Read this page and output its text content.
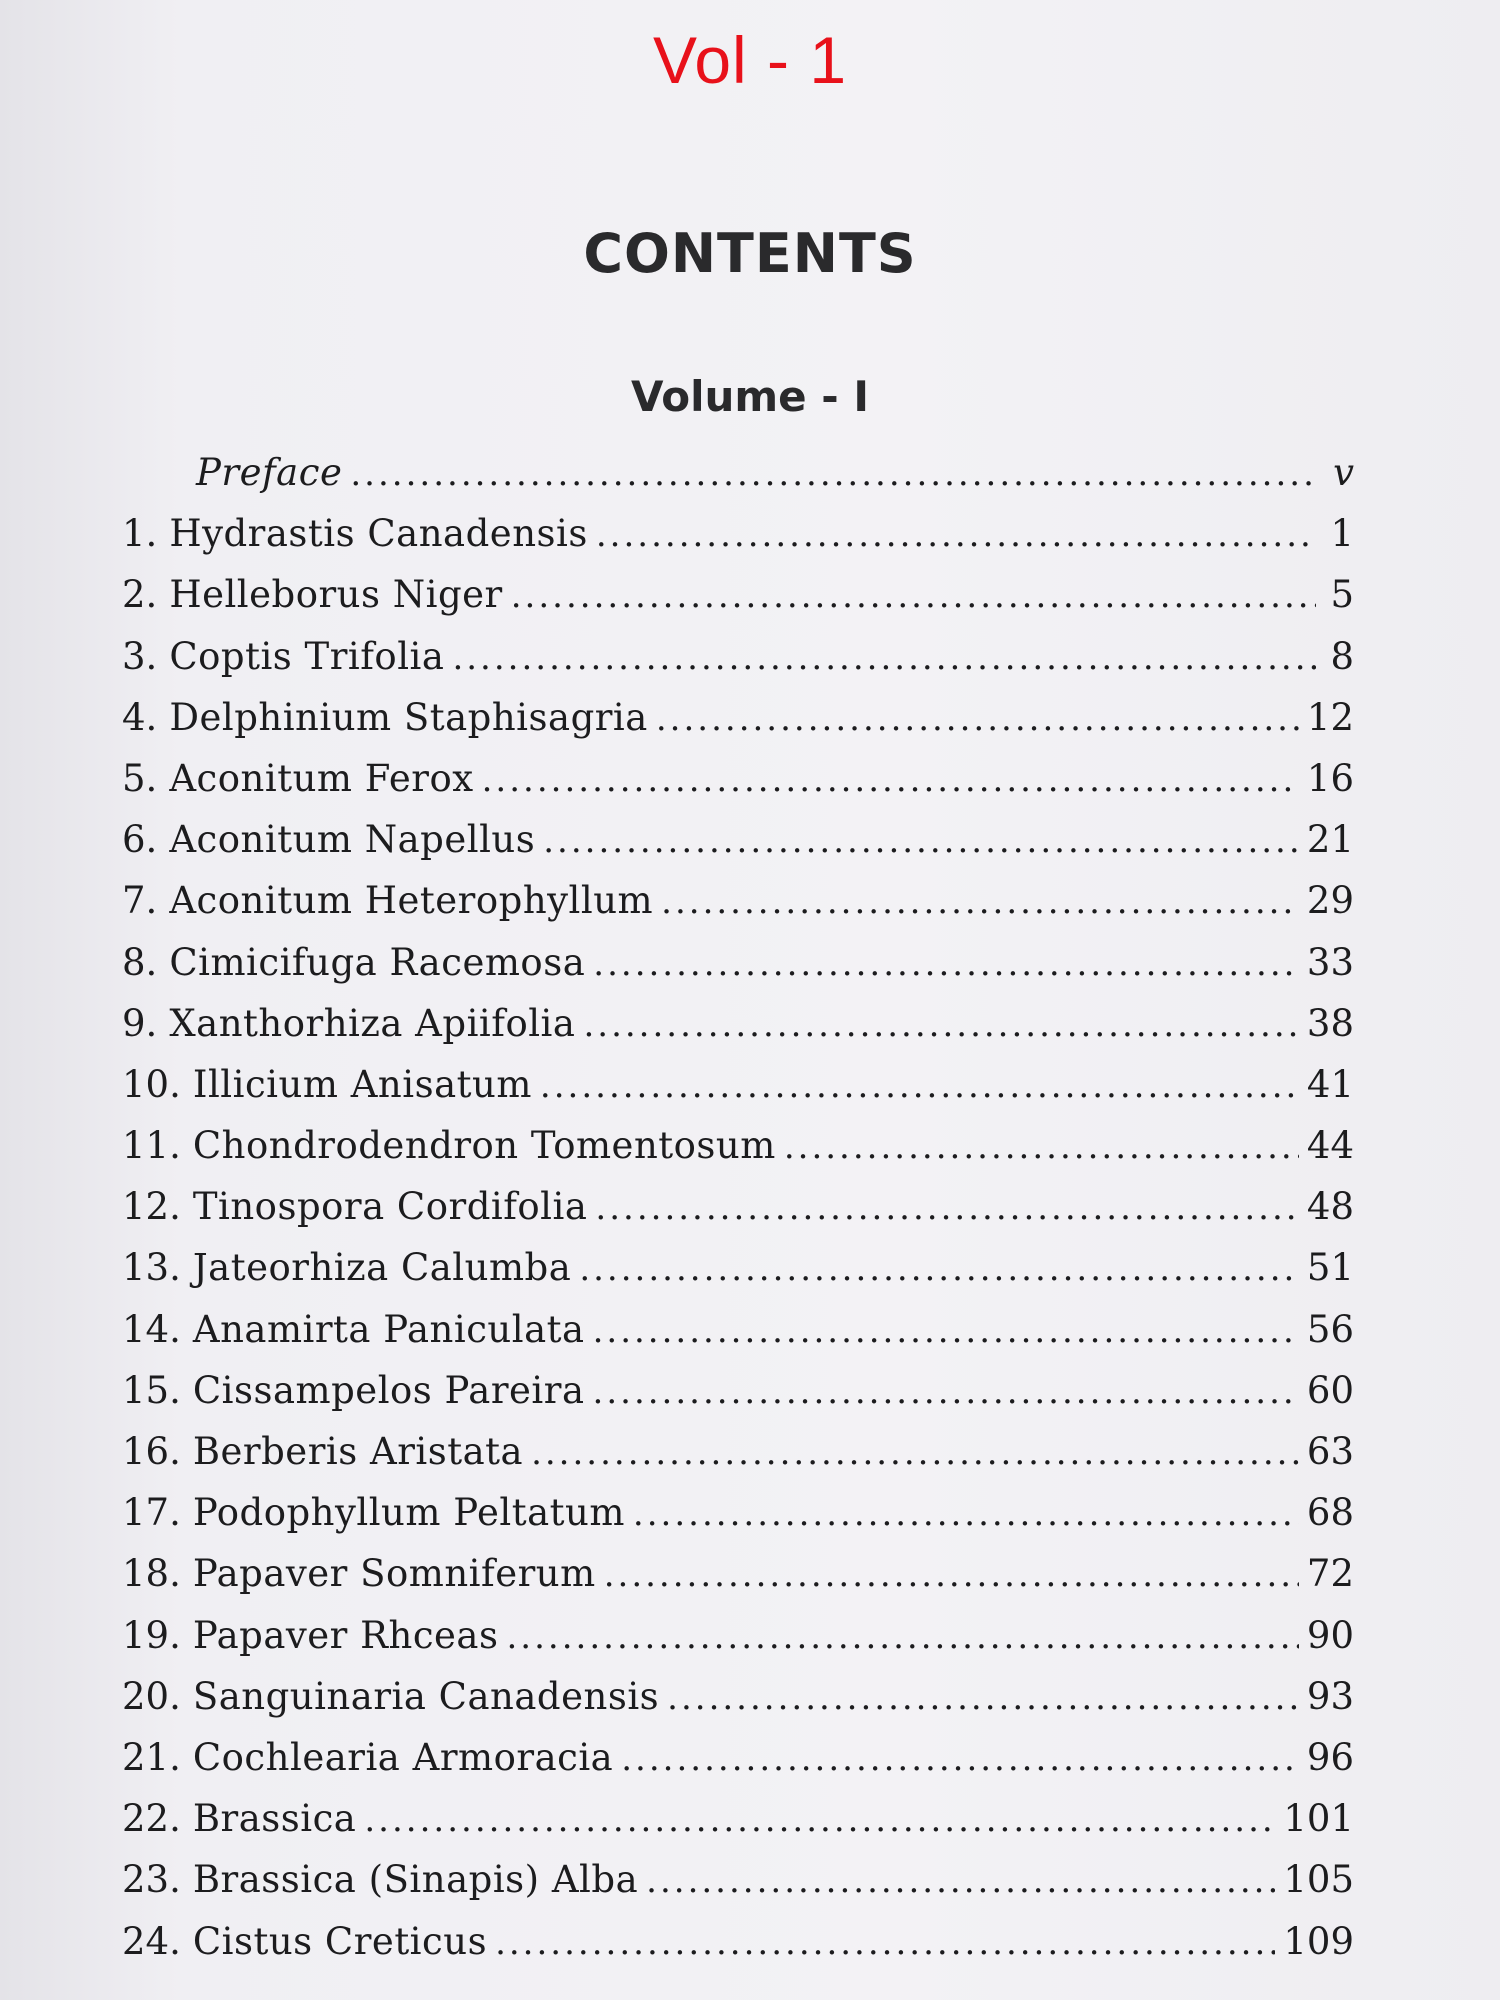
Vol - 1
CONTENTS
Volume - I
Preface .....	v
1. Hydrastis Canadensis .....	1
2. Helleborus Niger .....	5
3. Coptis Trifolia .....	8
4. Delphinium Staphisagria .....	12
5. Aconitum Ferox .....	16
6. Aconitum Napellus .....	21
7. Aconitum Heterophyllum .....	29
8. Cimicifuga Racemosa .....	33
9. Xanthorhiza Apiifolia .....	38
10. Illicium Anisatum .....	41
11. Chondrodendron Tomentosum .....	44
12. Tinospora Cordifolia .....	48
13. Jateorhiza Calumba .....	51
14. Anamirta Paniculata .....	56
15. Cissampelos Pareira .....	60
16. Berberis Aristata .....	63
17. Podophyllum Peltatum .....	68
18. Papaver Somniferum .....	72
19. Papaver Rhceas .....	90
20. Sanguinaria Canadensis .....	93
21. Cochlearia Armoracia .....	96
22. Brassica .....	101
23. Brassica (Sinapis) Alba .....	105
24. Cistus Creticus .....	109
